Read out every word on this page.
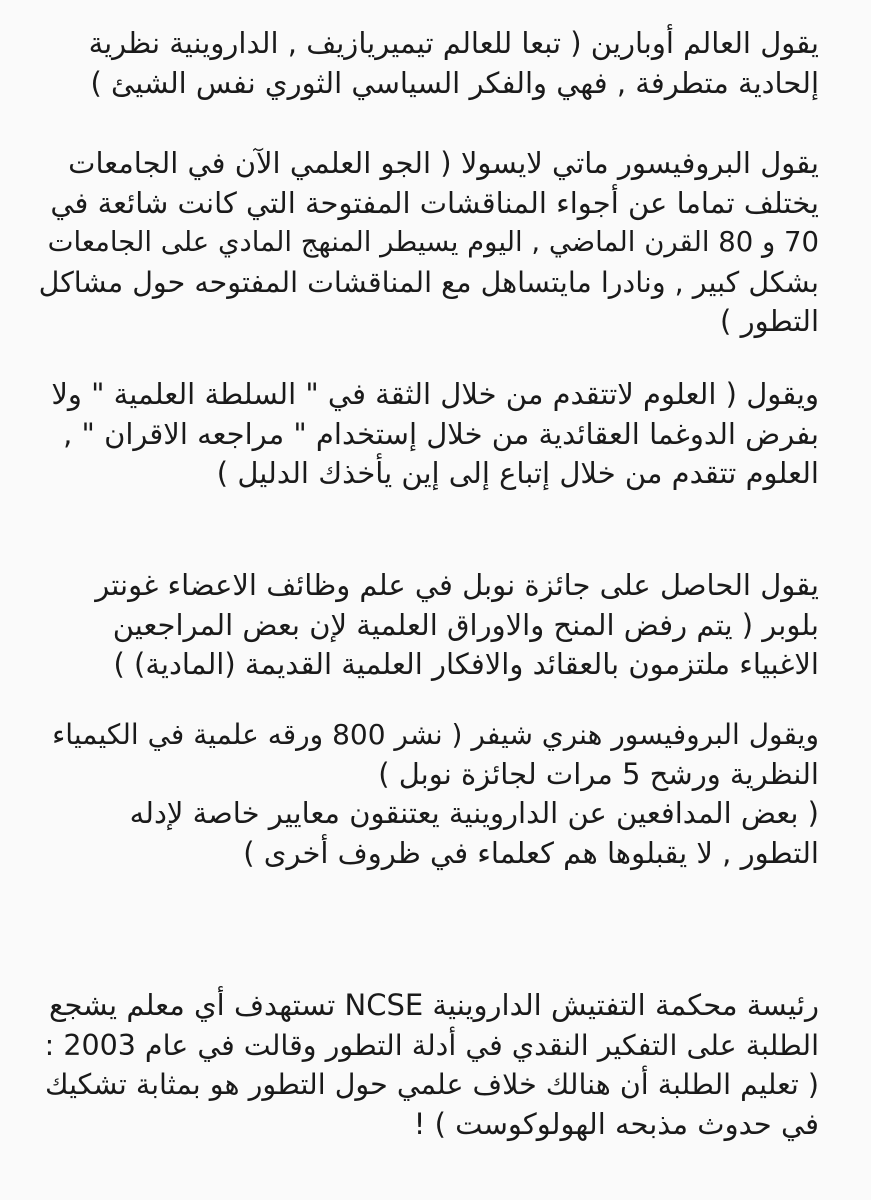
يقول العالم أوبارين ( تبعا للعالم تيميريازيف , الداروينية نظرية
إلحادية متطرفة , فهي والفكر السياسي الثوري نفس الشيئ )
يقول البروفيسور ماتي لايسولا ( الجو العلمي الآن في الجامعات
يختلف تماما عن أجواء المناقشات المفتوحة التي كانت شائعة في
70 و 80 القرن الماضي , اليوم يسيطر المنهج المادي على الجامعات
بشكل كبير , ونادرا مايتساهل مع المناقشات المفتوحه حول مشاكل
التطور )
ويقول ( العلوم لاتتقدم من خلال الثقة في " السلطة العلمية " ولا
بفرض الدوغما العقائدية من خلال إستخدام " مراجعه الاقران " ,
العلوم تتقدم من خلال إتباع إلى إين يأخذك الدليل )
يقول الحاصل على جائزة نوبل في علم وظائف الاعضاء غونتر
بلوبر ( يتم رفض المنح والاوراق العلمية لإن بعض المراجعين
الاغبياء ملتزمون بالعقائد والافكار العلمية القديمة (المادية) )
ويقول البروفيسور هنري شيفر ( نشر 800 ورقه علمية في الكيمياء
النظرية ورشح 5 مرات لجائزة نوبل )
( بعض المدافعين عن الداروينية يعتنقون معايير خاصة لإدله
التطور , لا يقبلوها هم كعلماء في ظروف أخرى )
رئيسة محكمة التفتيش الداروينية NCSE تستهدف أي معلم يشجع
الطلبة على التفكير النقدي في أدلة التطور وقالت في عام 2003 :
( تعليم الطلبة أن هنالك خلاف علمي حول التطور هو بمثابة تشكيك
في حدوث مذبحه الهولوكوست ) !
